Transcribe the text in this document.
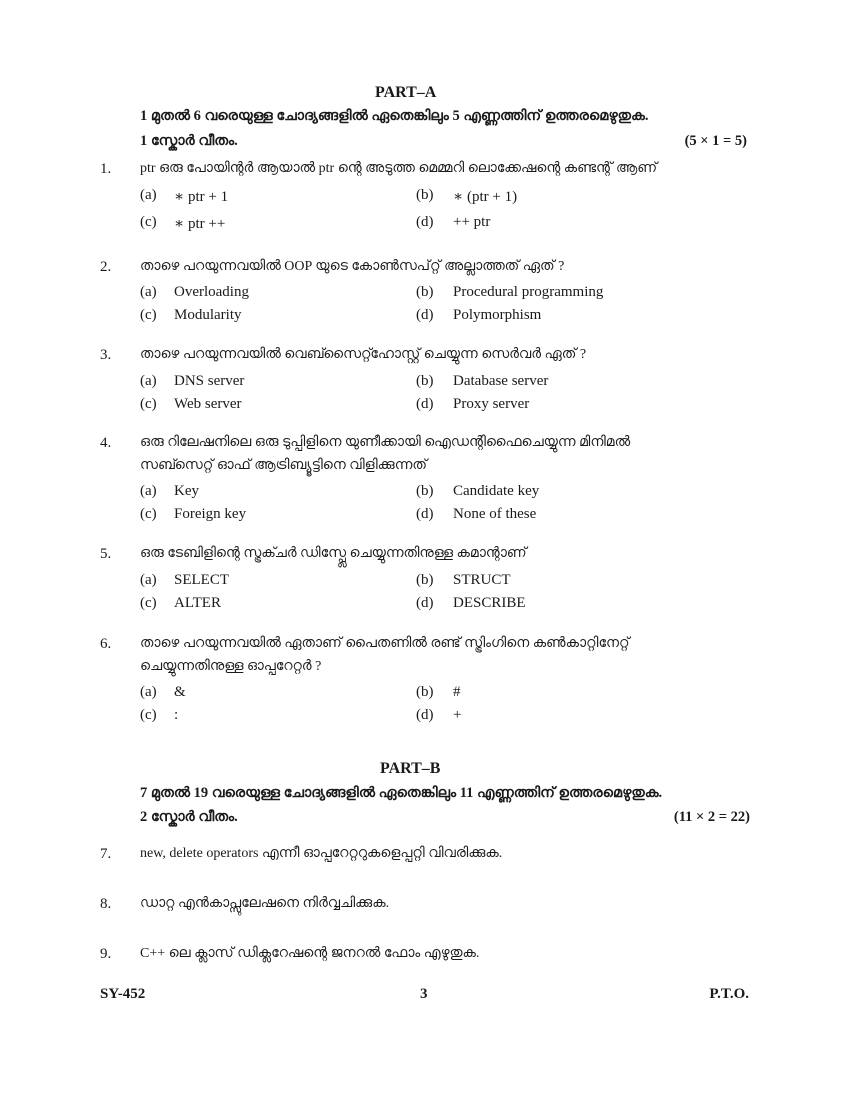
PART–A
1 മുതൽ 6 വരെയുള്ള ചോദ്യങ്ങളിൽ ഏതെങ്കിലും 5 എണ്ണത്തിന് ഉത്തരമെഴുതുക.
1 സ്കോർ വീതം.	(5 × 1 = 5)
1. ptr ഒരു പോയിന്റർ ആയാൽ ptr ന്റെ അടുത്ത മെമ്മറി ലൊക്കേഷന്റെ കണ്ടന്റ് ആണ്
(a) ∗ ptr + 1	(b) ∗ (ptr + 1)
(c) ∗ ptr ++	(d) ++ ptr
2. താഴെ പറയുന്നവയിൽ OOP യുടെ കോൺസപ്റ്റ് അല്ലാത്തത് ഏത് ?
(a) Overloading	(b) Procedural programming
(c) Modularity	(d) Polymorphism
3. താഴെ പറയുന്നവയിൽ വെബ്സൈറ്റ്ഹോസ്റ്റ് ചെയ്യുന്ന സെർവർ ഏത് ?
(a) DNS server	(b) Database server
(c) Web server	(d) Proxy server
4. ഒരു റിലേഷനിലെ ഒരു ടുപ്പിളിനെ യുണീക്കായി ഐഡന്റിഫൈചെയ്യുന്ന മിനിമൽ
സബ്സെറ്റ് ഓഫ് ആട്രിബ്യൂട്ടിനെ വിളിക്കുന്നത്
(a) Key	(b) Candidate key
(c) Foreign key	(d) None of these
5. ഒരു ടേബിളിന്റെ സ്ട്രക്ചർ ഡിസ്പ്ലേ ചെയ്യുന്നതിനുള്ള കമാന്റാണ്
(a) SELECT	(b) STRUCT
(c) ALTER	(d) DESCRIBE
6. താഴെ പറയുന്നവയിൽ ഏതാണ് പൈതണിൽ രണ്ട് സ്ട്രിംഗിനെ കൺകാറ്റിനേറ്റ്
ചെയ്യുന്നതിനുള്ള ഓപ്പറേറ്റർ ?
(a) &	(b) #
(c) :	(d) +
PART–B
7 മുതൽ 19 വരെയുള്ള ചോദ്യങ്ങളിൽ ഏതെങ്കിലും 11 എണ്ണത്തിന് ഉത്തരമെഴുതുക.
2 സ്കോർ വീതം.	(11 × 2 = 22)
7. new, delete operators എന്നീ ഓപ്പറേറ്ററുകളെപ്പറ്റി വിവരിക്കുക.
8. ഡാറ്റ എൻകാപ്സുലേഷനെ നിർവ്വചിക്കുക.
9. C++ ലെ ക്ലാസ് ഡിക്ലറേഷന്റെ ജനറൽ ഫോം എഴുതുക.
SY-452	3	P.T.O.
